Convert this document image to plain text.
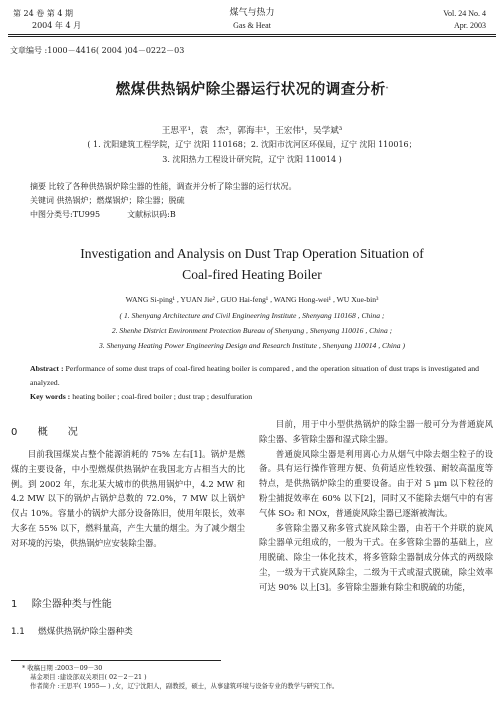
第 24 卷 第 4 期
2004 年 4 月
煤气与热力
Gas & Heat
Vol. 24 No. 4
Apr. 2003
文章编号 :1000－4416( 2004 )04－0222－03
燃煤供热锅炉除尘器运行状况的调查分析*
王思平¹，袁　杰²，郭海丰¹，王宏伟¹，吴学斌³
( 1. 沈阳建筑工程学院，辽宁 沈阳 110168；2. 沈阳市沈河区环保局，辽宁 沈阳 110016；
3. 沈阳热力工程设计研究院，辽宁 沈阳 110014 )
摘要 比较了各种供热锅炉除尘器的性能，调查并分析了除尘器的运行状况。
关键词 供热锅炉；燃煤锅炉；除尘器；脱硫
中图分类号:TU995	文献标识码:B
Investigation and Analysis on Dust Trap Operation Situation of
Coal-fired Heating Boiler
WANG Si-ping¹ , YUAN Jie² , GUO Hai-feng¹ , WANG Hong-wei¹ , WU Xue-bin³
( 1. Shenyang Architecture and Civil Engineering Institute , Shenyang 110168 , China ;
2. Shenhe District Environment Protection Bureau of Shenyang , Shenyang 110016 , China ;
3. Shenyang Heating Power Engineering Design and Research Institute , Shenyang 110014 , China )
Abstract : Performance of some dust traps of coal-fired heating boiler is compared , and the operation situation of dust traps is investigated and analyzed.
Key words : heating boiler ; coal-fired boiler ; dust trap ; desulfuration
0 概　　况

目前我国煤炭占整个能源消耗的 75% 左右[1]。锅炉是燃煤的主要设备，中小型燃煤供热锅炉在我国北方占相当大的比例。到 2002 年，东北某大城市的供热用锅炉中，4.2 MW 和 4.2 MW 以下的锅炉占锅炉总数的 72.0%，7 MW 以上锅炉仅占 10%。容量小的锅炉大部分设备陈旧，使用年限长，效率大多在 55% 以下，燃料量高，产生大量的烟尘。为了减少烟尘对环境的污染，供热锅炉应安装除尘器。

1 除尘器种类与性能
1.1 燃煤供热锅炉除尘器种类

目前，用于中小型供热锅炉的除尘器一般可分为普通旋风除尘器、多管除尘器和湿式除尘器。

普通旋风除尘器是利用离心力从烟气中除去烟尘粒子的设备。具有运行操作管理方便、负荷适应性较强、耐较高温度等特点，是供热锅炉除尘的重要设备。由于对 5 μm 以下粒径的粉尘捕捉效率在 60% 以下[2]，同时又不能除去烟气中的有害气体 SO₂ 和 NOx，普通旋风除尘器已逐渐被淘汰。

多管除尘器又称多管式旋风除尘器，由若干个并联的旋风除尘器单元组成的，一般为干式。在多管除尘器的基础上，应用脱硫、除尘一体化技术，将多管除尘器制成分体式的两级除尘，一级为干式旋风除尘，二级为干式或湿式脱硫，除尘效率可达 90% 以上[3]。多管除尘器兼有除尘和脱硫的功能，

* 收稿日期 :2003－09－30
基金项目 :建设部双关项目( 02－2－21 )
作者简介 :王思平( 1955— ) ,女，辽宁沈阳人，副教授，硕士，从事建筑环境与设备专业的教学与研究工作。
